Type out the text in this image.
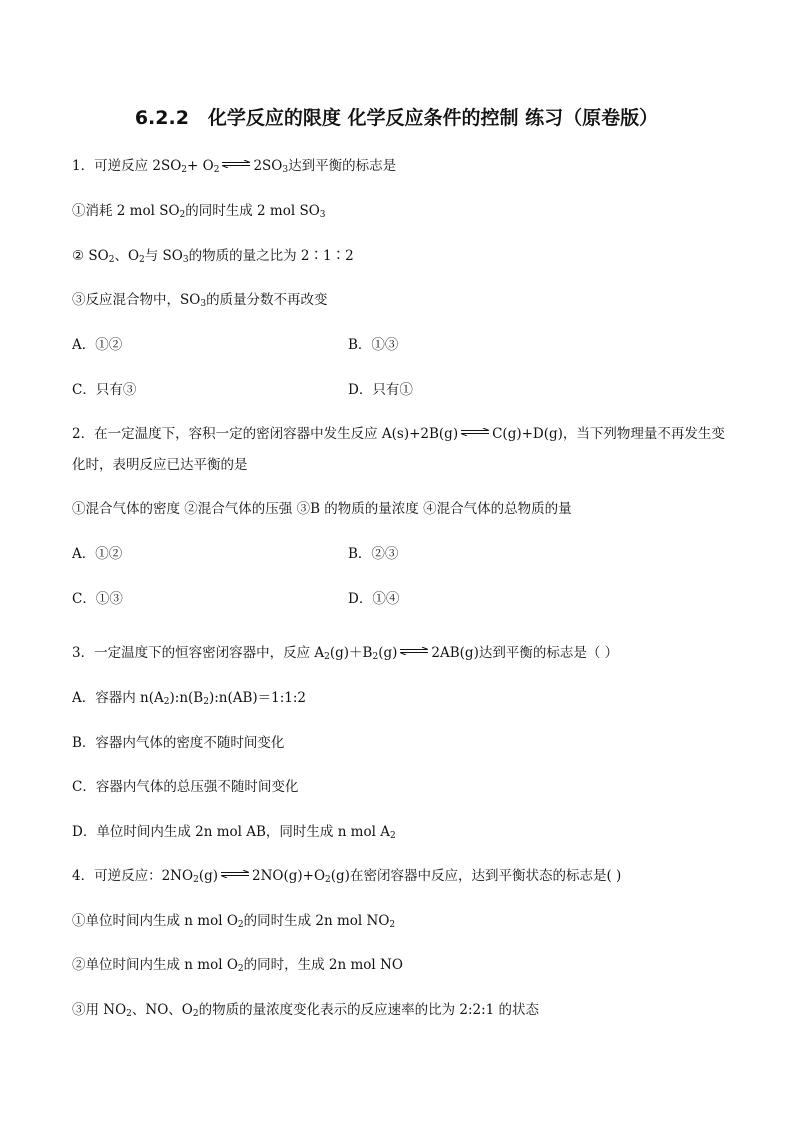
6.2.2　化学反应的限度 化学反应条件的控制 练习（原卷版）
1．可逆反应 $2SO_2+ O_2$	$2SO_3$达到平衡的标志是
①消耗 2 mol $SO_2$的同时生成 2 mol $SO_3$
② $SO_2$、$O_2$与 $SO_3$的物质的量之比为 2∶1∶2
③反应混合物中，$SO_3$的质量分数不再改变
A．①②	B．①③
C．只有③	D．只有①
2．在一定温度下，容积一定的密闭容器中发生反应 A(s)+2B(g)	C(g)+D(g)，当下列物理量不再发生变
化时，表明反应已达平衡的是
①混合气体的密度 ②混合气体的压强 ③B 的物质的量浓度 ④混合气体的总物质的量
A．①②	B．②③
C．①③	D．①④
3．一定温度下的恒容密闭容器中，反应 $A_2(g)+B_2(g)$	2AB(g)达到平衡的标志是（ ）
A．容器内 $n(A_2):n(B_2):n(AB)=1:1:2$
B．容器内气体的密度不随时间变化
C．容器内气体的总压强不随时间变化
D．单位时间内生成 2n mol AB，同时生成 n mol $A_2$
4．可逆反应：$2NO_2(g)$	$2NO(g)+O_2(g)$在密闭容器中反应，达到平衡状态的标志是( )
①单位时间内生成 n mol $O_2$的同时生成 2n mol $NO_2$
②单位时间内生成 n mol $O_2$的同时，生成 2n mol NO
③用 $NO_2$、NO、$O_2$的物质的量浓度变化表示的反应速率的比为 2:2:1 的状态
